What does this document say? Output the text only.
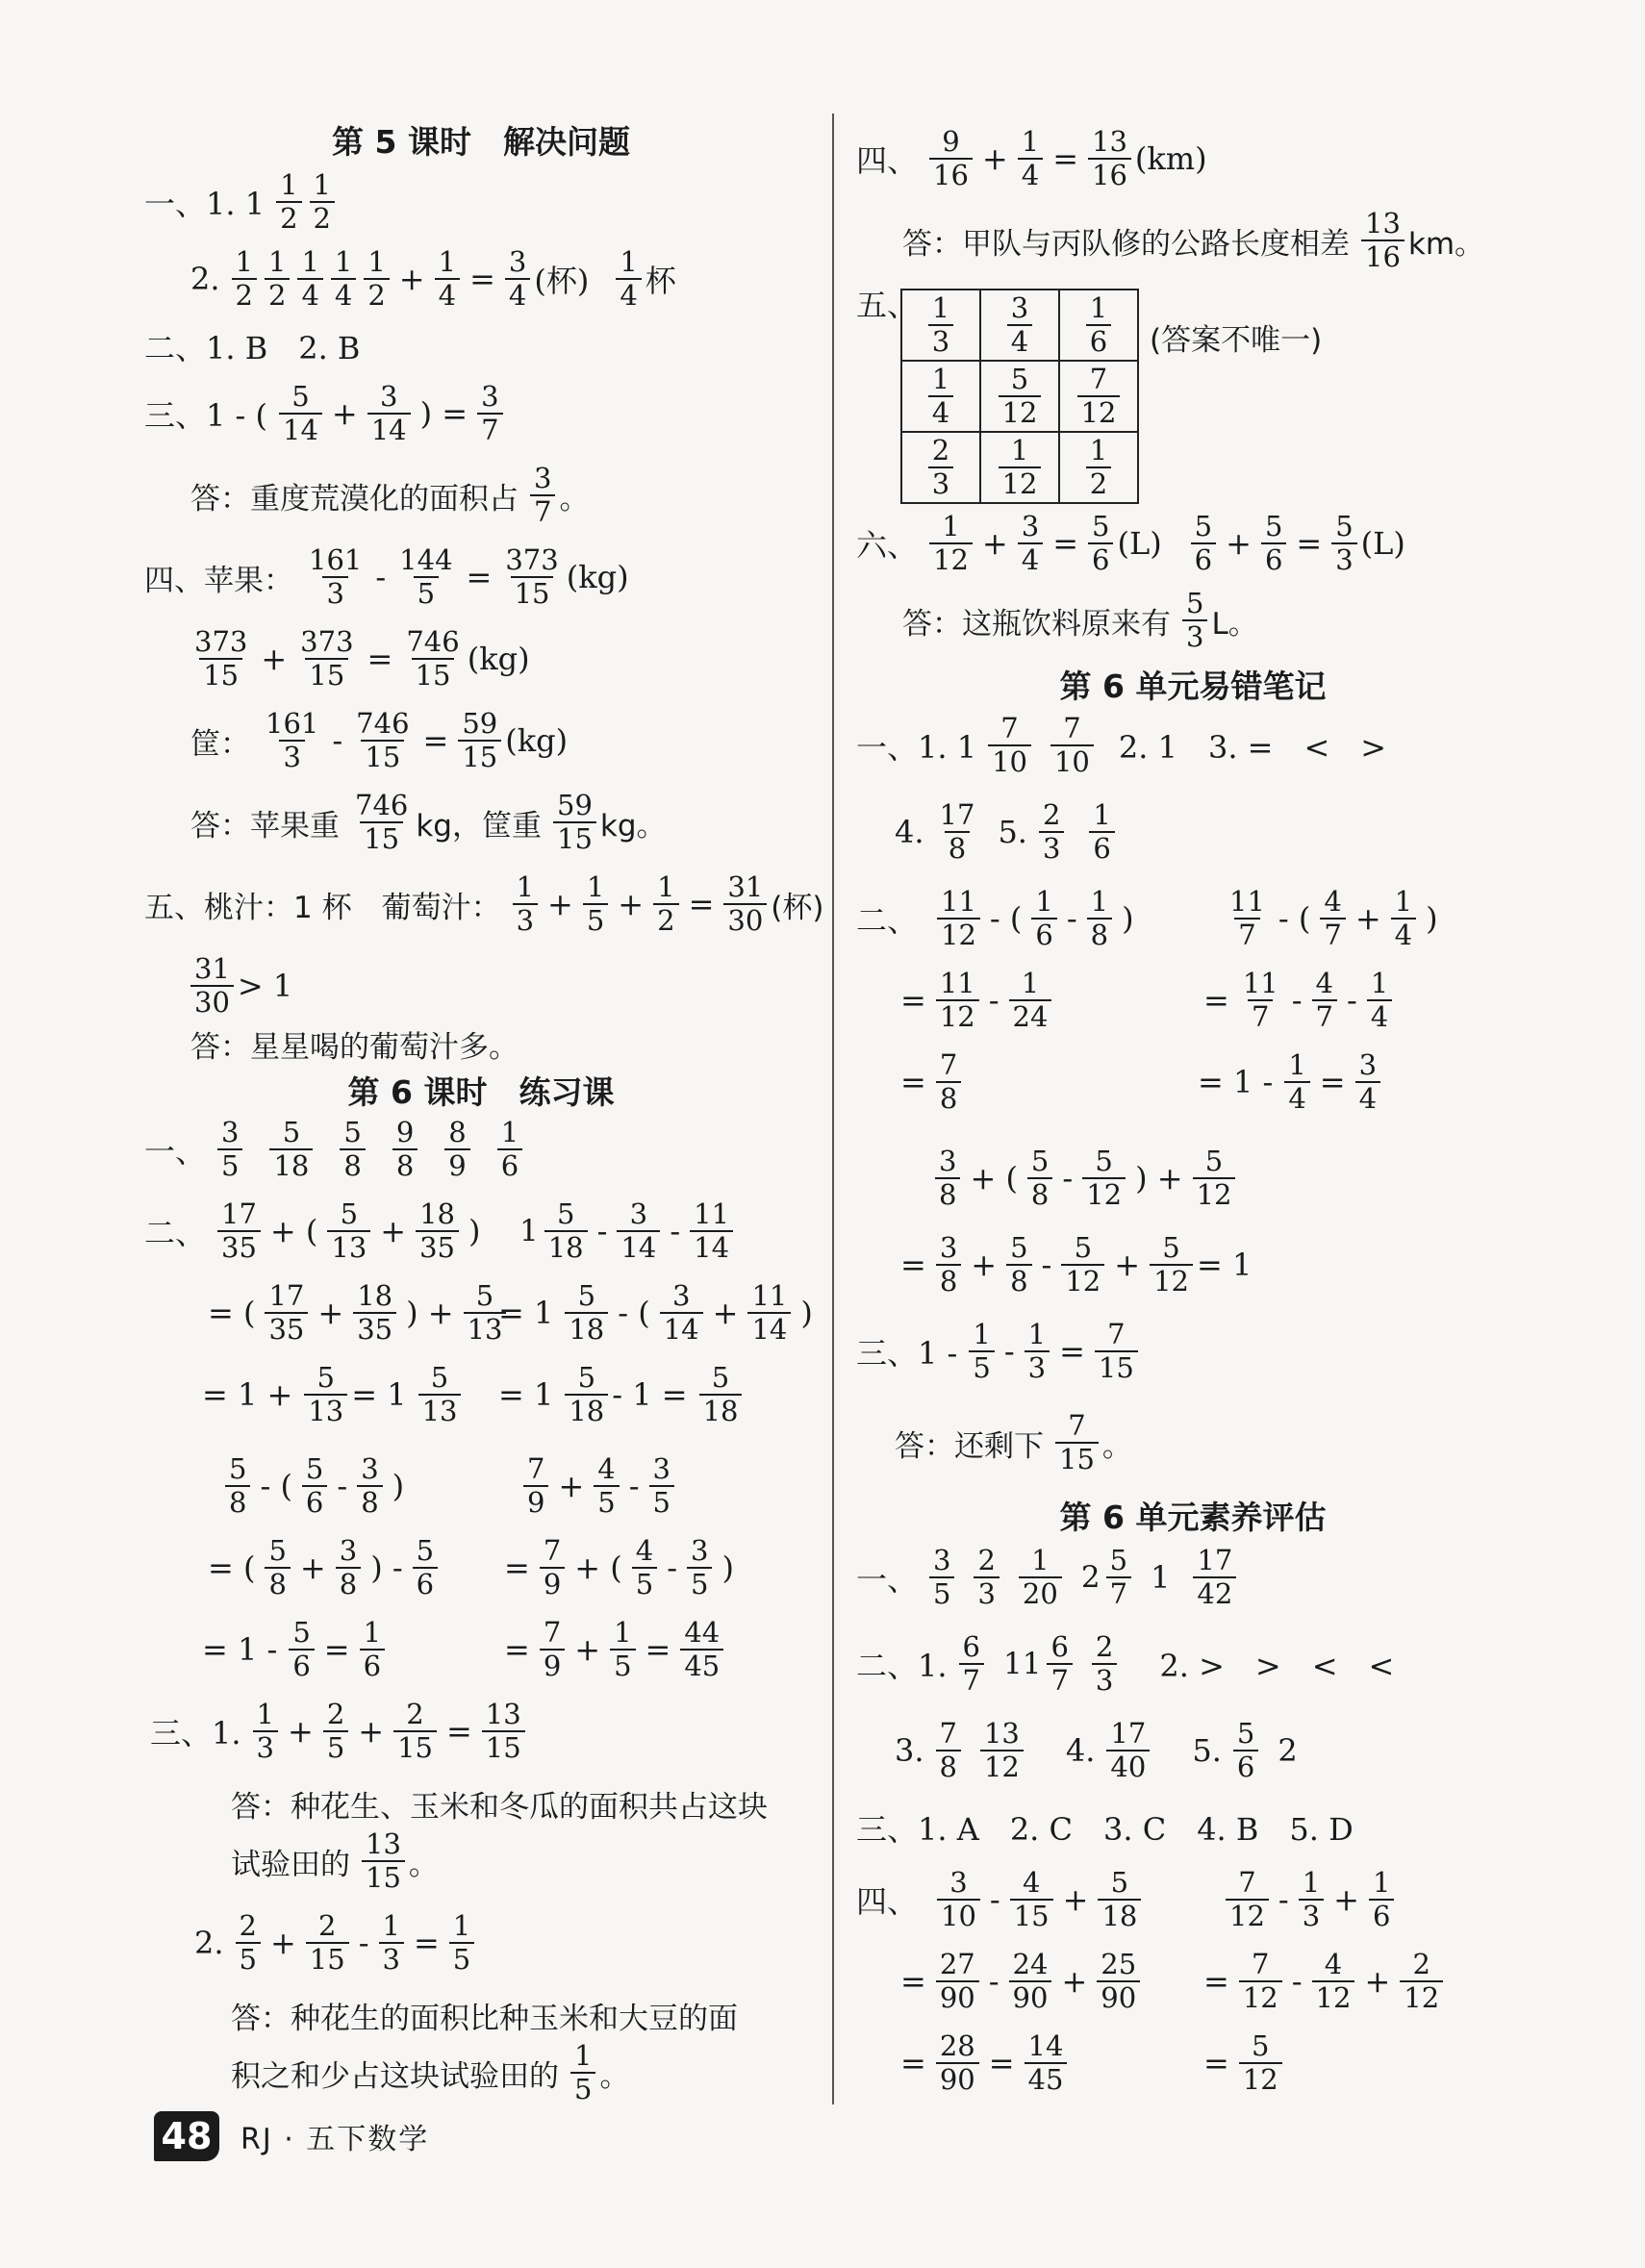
第 5 课时　解决问题
一、1. $1 \frac{1}{2} \frac{1}{2}$
2. $\frac{1}{2} \frac{1}{2} \frac{1}{4} \frac{1}{4} \frac{1}{2} + \frac{1}{4} = \frac{3}{4}$ (杯) $\frac{1}{4}$ 杯
二、1. B　2. B
三、1 - ( $\frac{5}{14} + \frac{3}{14}$ ) = $\frac{3}{7}$
答：重度荒漠化的面积占 $\frac{3}{7}$ 。
四、苹果： $\frac{161}{3} - \frac{144}{5} = \frac{373}{15} (kg)$
$\frac{373}{15} + \frac{373}{15} = \frac{746}{15} (kg)$
筐： $\frac{161}{3} - \frac{746}{15} = \frac{59}{15} (kg)$
答：苹果重 $\frac{746}{15}$ kg，筐重 $\frac{59}{15}$ kg。
五、桃汁：1 杯　葡萄汁： $\frac{1}{3} + \frac{1}{5} + \frac{1}{2} = \frac{31}{30}$ (杯)
$\frac{31}{30} > 1$
答：星星喝的葡萄汁多。
第 6 课时　练习课
一、 $\frac{3}{5} \frac{5}{18} \frac{5}{8} \frac{9}{8} \frac{8}{9} \frac{1}{6}$
二、 $\frac{17}{35}$ + ( $\frac{5}{13} + \frac{18}{35}$ ) $1 \frac{5}{18} - \frac{3}{14} - \frac{11}{14}$
= ( $\frac{17}{35} + \frac{18}{35}$ ) + $\frac{5}{13}$
= $1 \frac{5}{18}$ - ( $\frac{3}{14} + \frac{11}{14}$ )
= $1 + \frac{5}{13} = 1 \frac{5}{13} = 1 \frac{5}{18} - 1 = \frac{5}{18}$
$\frac{5}{8}$ - ( $\frac{5}{6} - \frac{3}{8}$ )	$\frac{7}{9} + \frac{4}{5} - \frac{3}{5}$
= ( $\frac{5}{8} + \frac{3}{8}$ ) - $\frac{5}{6} = \frac{7}{9}$ + ( $\frac{4}{5} - \frac{3}{5}$ )
= $1 - \frac{5}{6} = \frac{1}{6}$	= $\frac{7}{9} + \frac{1}{5} = \frac{44}{45}$
三、1. $\frac{1}{3} + \frac{2}{5} + \frac{2}{15} = \frac{13}{15}$
答：种花生、玉米和冬瓜的面积共占这块
试验田的 $\frac{13}{15}$ 。
2. $\frac{2}{5} + \frac{2}{15} - \frac{1}{3} = \frac{1}{5}$
答：种花生的面积比种玉米和大豆的面
积之和少占这块试验田的 $\frac{1}{5}$ 。
四、 $\frac{9}{16} + \frac{1}{4} = \frac{13}{16} (km)$
答：甲队与丙队修的公路长度相差 $\frac{13}{16}$ km。
五、 $\frac{1}{3}$	$\frac{3}{4}$	$\frac{1}{6}$

$\frac{1}{4}$	$\frac{5}{12}$	$\frac{7}{12}$

$\frac{2}{3}$	$\frac{1}{12}$	$\frac{1}{2}$
(答案不唯一)
六、 $\frac{1}{12} + \frac{3}{4} = \frac{5}{6} (L) \frac{5}{6} + \frac{5}{6} = \frac{5}{3} (L)$
答：这瓶饮料原来有 $\frac{5}{3}$ L。
第 6 单元易错笔记
一、1. $1 \frac{7}{10} \frac{7}{10} 2$. 1　3. =　<　>
4. $\frac{17}{8} 5$. $\frac{2}{3} \frac{1}{6}$
二、 $\frac{11}{12}$ - ( $\frac{1}{6} - \frac{1}{8}$ )	$\frac{11}{7}$ - ( $\frac{4}{7} + \frac{1}{4}$ )
= $\frac{11}{12} - \frac{1}{24}$	= $\frac{11}{7} - \frac{4}{7} - \frac{1}{4}$
= $\frac{7}{8}$	= $1 - \frac{1}{4} = \frac{3}{4}$
$\frac{3}{8}$ + ( $\frac{5}{8} - \frac{5}{12}$ ) + $\frac{5}{12}$
= $\frac{3}{8} + \frac{5}{8} - \frac{5}{12} + \frac{5}{12} = 1$
三、$1 - \frac{1}{5} - \frac{1}{3} = \frac{7}{15}$
答：还剩下 $\frac{7}{15}$ 。
第 6 单元素养评估
一、 $\frac{3}{5} \frac{2}{3} \frac{1}{20} 2 \frac{5}{7} 1 \frac{17}{42}$
二、1. $\frac{6}{7} 11 \frac{6}{7} \frac{2}{3} 2$. >　>　<　<
3. $\frac{7}{8} \frac{13}{12} 4$. $\frac{17}{40} 5$. $\frac{5}{6} 2$
三、1. A　2. C　3. C　4. B　5. D
四、 $\frac{3}{10} - \frac{4}{15} + \frac{5}{18}$	$\frac{7}{12} - \frac{1}{3} + \frac{1}{6}$
= $\frac{27}{90} - \frac{24}{90} + \frac{25}{90} = \frac{7}{12} - \frac{4}{12} + \frac{2}{12}$
= $\frac{28}{90} = \frac{14}{45}$	= $\frac{5}{12}$
48 RJ · 五下数学
